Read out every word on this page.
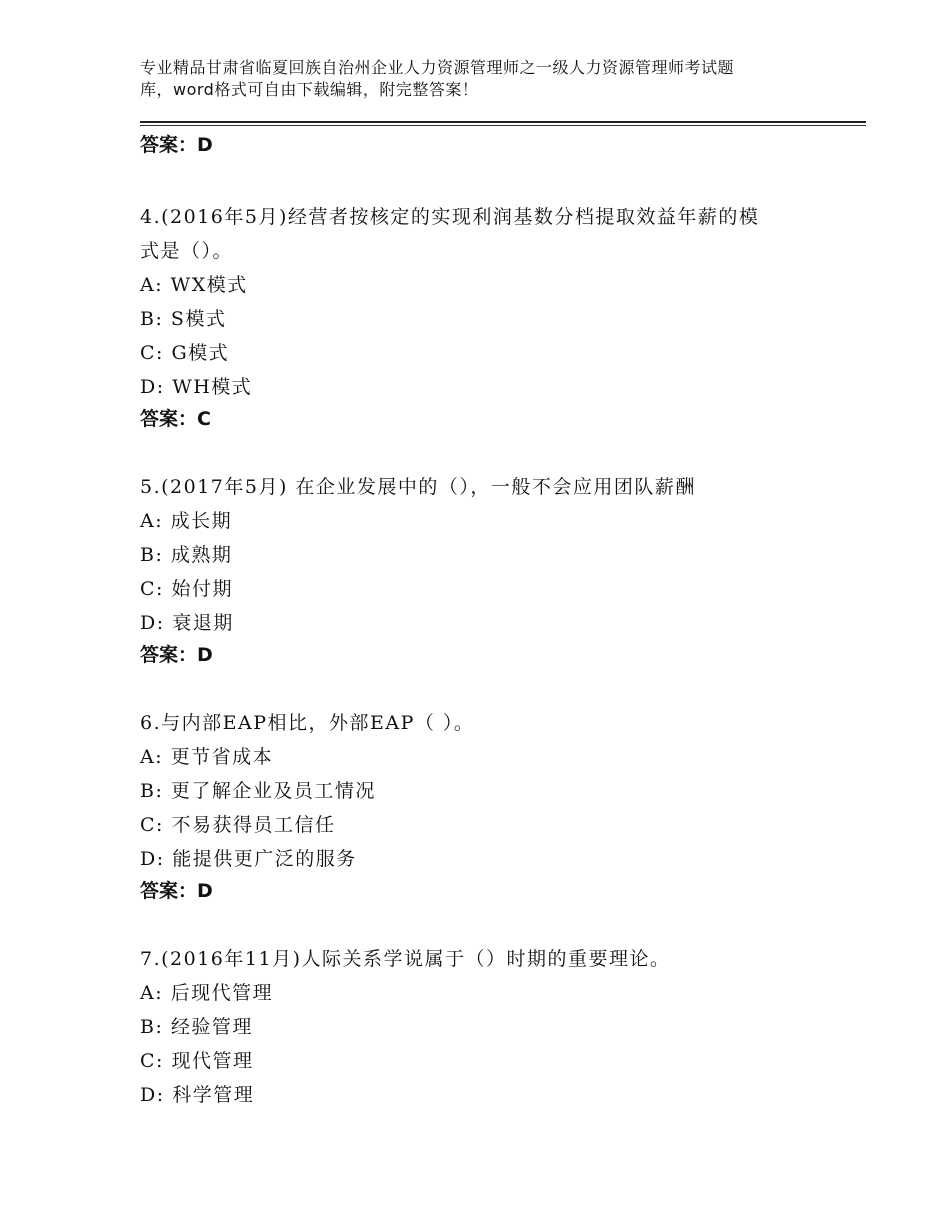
专业精品甘肃省临夏回族自治州企业人力资源管理师之一级人力资源管理师考试题
库，word格式可自由下载编辑，附完整答案！
答案：D
4.(2016年5月)经营者按核定的实现利润基数分档提取效益年薪的模
式是（）。
A: WX模式
B: S模式
C: G模式
D: WH模式
答案：C
5.(2017年5月) 在企业发展中的（），一般不会应用团队薪酬
A: 成长期
B: 成熟期
C: 始付期
D: 衰退期
答案：D
6.与内部EAP相比，外部EAP（ ）。
A: 更节省成本
B: 更了解企业及员工情况
C: 不易获得员工信任
D: 能提供更广泛的服务
答案：D
7.(2016年11月)人际关系学说属于（）时期的重要理论。
A: 后现代管理
B: 经验管理
C: 现代管理
D: 科学管理
